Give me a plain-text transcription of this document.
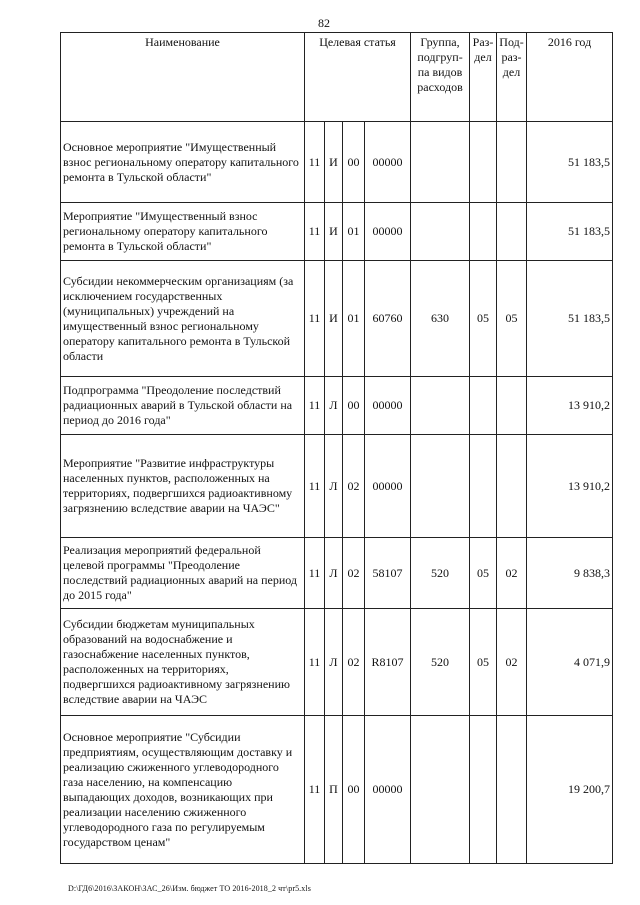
82
Наименование	Целевая статья				Группа, подгруп-па видов расходов	Раз-дел	Под-раз-дел	2016 год
Основное мероприятие "Имущественный взнос региональному оператору капитального ремонта в Тульской области"	11	И	00	00000				51 183,5
Мероприятие "Имущественный взнос региональному оператору капитального ремонта в Тульской области"	11	И	01	00000				51 183,5
Субсидии некоммерческим организациям (за исключением государственных (муниципальных) учреждений на имущественный взнос региональному оператору капитального ремонта в Тульской области	11	И	01	60760	630	05	05	51 183,5
Подпрограмма "Преодоление последствий радиационных аварий в Тульской области на период до 2016 года"	11	Л	00	00000				13 910,2
Мероприятие "Развитие инфраструктуры населенных пунктов, расположенных на территориях, подвергшихся радиоактивному загрязнению вследствие аварии на ЧАЭС"	11	Л	02	00000				13 910,2
Реализация мероприятий федеральной целевой программы "Преодоление последствий радиационных аварий на период до 2015 года"	11	Л	02	58107	520	05	02	9 838,3
Субсидии бюджетам муниципальных образований на водоснабжение и газоснабжение населенных пунктов, расположенных на территориях, подвергшихся радиоактивному загрязнению вследствие аварии на ЧАЭС	11	Л	02	R8107	520	05	02	4 071,9
Основное мероприятие "Субсидии предприятиям, осуществляющим доставку и реализацию сжиженного углеводородного газа населению, на компенсацию выпадающих доходов, возникающих при реализации населению сжиженного углеводородного газа по регулируемым государством ценам"	11	П	00	00000				19 200,7
D:\ГД6\2016\ЗАКОН\ЗАС_26\Изм. бюджет ТО 2016-2018_2 чт\pr5.xls
